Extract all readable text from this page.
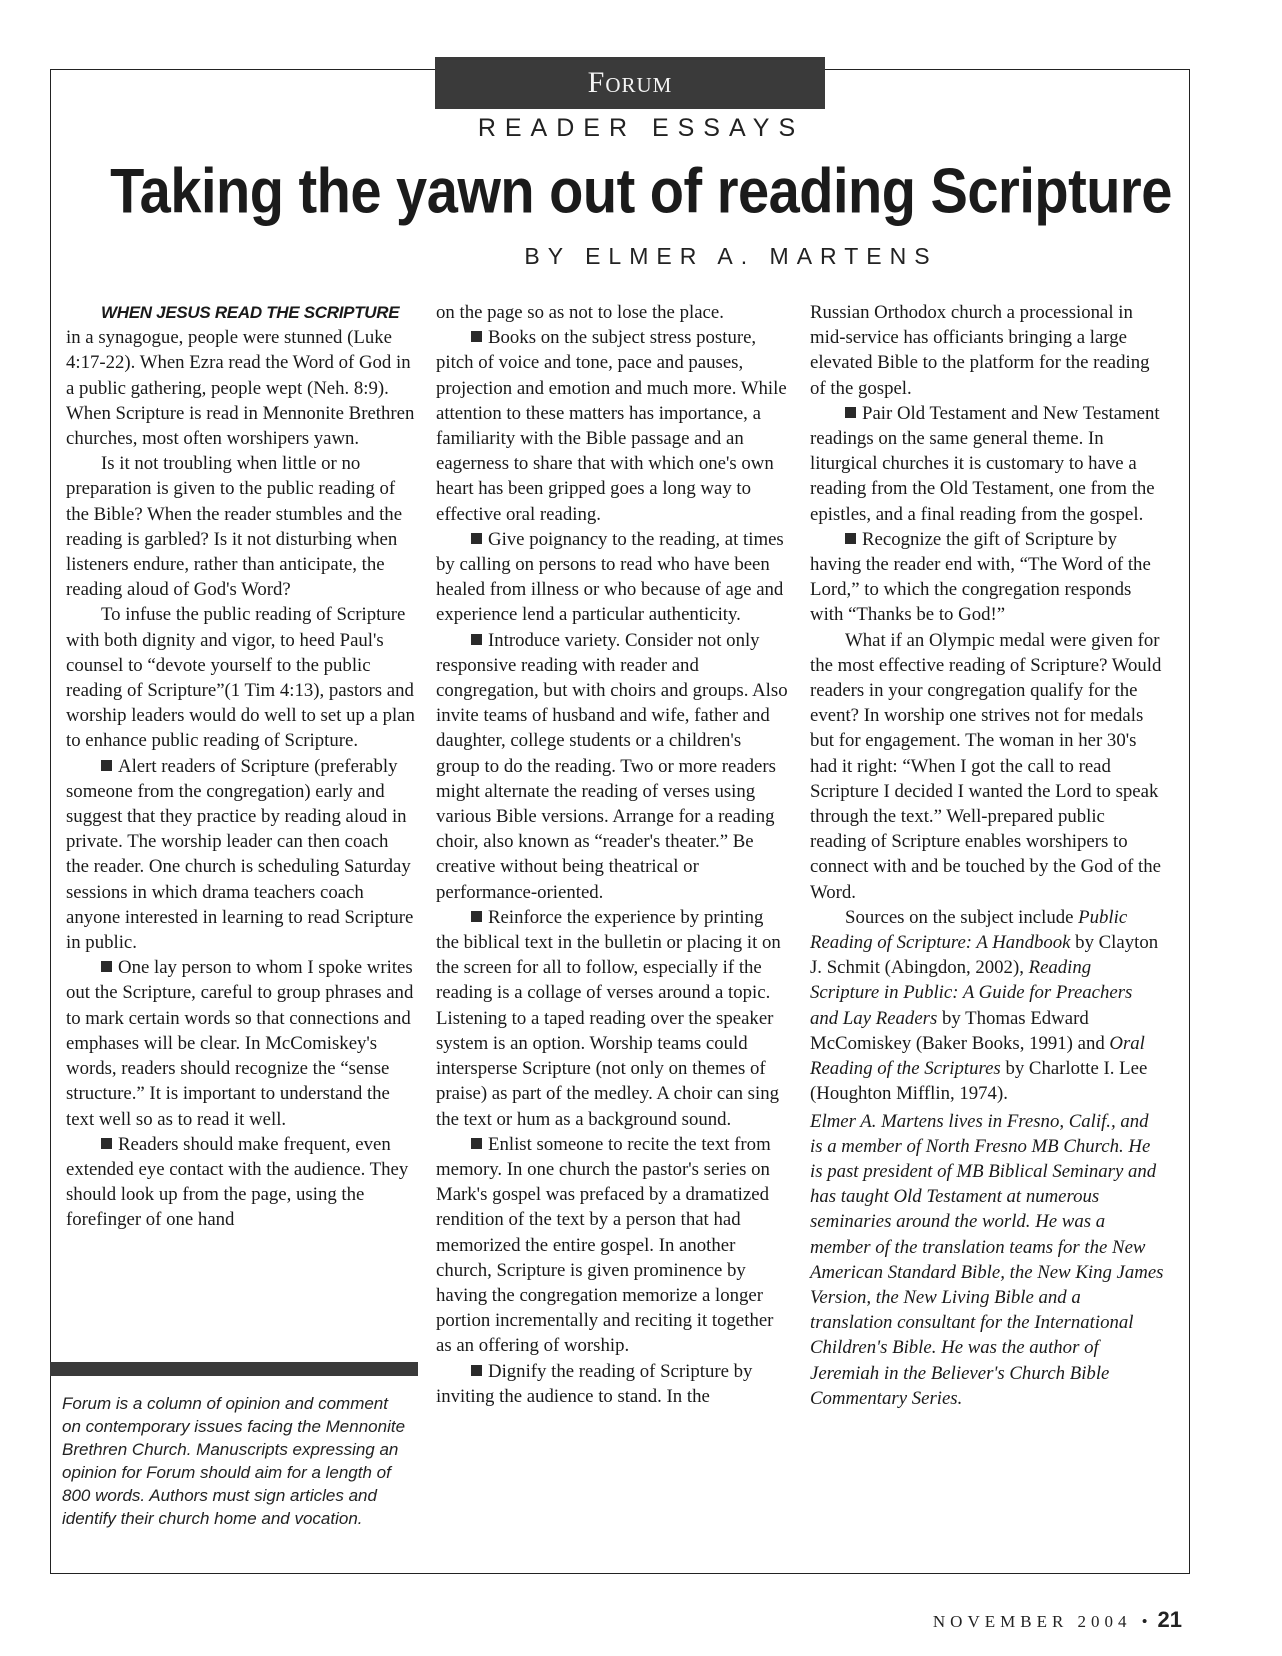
Forum
READER ESSAYS
Taking the yawn out of reading Scripture
BY ELMER A. MARTENS

WHEN JESUS READ THE SCRIPTURE

in a synagogue, people were stunned (Luke 4:17-22). When Ezra read the Word of God in a public gathering, people wept (Neh. 8:9). When Scripture is read in Mennonite Brethren churches, most often worshipers yawn.

Is it not troubling when little or no preparation is given to the public reading of the Bible? When the reader stumbles and the reading is garbled? Is it not disturbing when listeners endure, rather than anticipate, the reading aloud of God's Word?

To infuse the public reading of Scripture with both dignity and vigor, to heed Paul's counsel to “devote yourself to the public reading of Scripture”(1 Tim 4:13), pastors and worship leaders would do well to set up a plan to enhance public reading of Scripture.

Alert readers of Scripture (preferably someone from the congregation) early and suggest that they practice by reading aloud in private. The worship leader can then coach the reader. One church is scheduling Saturday sessions in which drama teachers coach anyone interested in learning to read Scripture in public.

One lay person to whom I spoke writes out the Scripture, careful to group phrases and to mark certain words so that connections and emphases will be clear. In McComiskey's words, readers should recognize the “sense structure.” It is important to understand the text well so as to read it well.

Readers should make frequent, even extended eye contact with the audience. They should look up from the page, using the forefinger of one hand

Forum is a column of opinion and comment on contemporary issues facing the Mennonite Brethren Church. Manuscripts expressing an opinion for Forum should aim for a length of 800 words. Authors must sign articles and identify their church home and vocation.

on the page so as not to lose the place.

Books on the subject stress posture, pitch of voice and tone, pace and pauses, projection and emotion and much more. While attention to these matters has importance, a familiarity with the Bible passage and an eagerness to share that with which one's own heart has been gripped goes a long way to effective oral reading.

Give poignancy to the reading, at times by calling on persons to read who have been healed from illness or who because of age and experience lend a particular authenticity.

Introduce variety. Consider not only responsive reading with reader and congregation, but with choirs and groups. Also invite teams of husband and wife, father and daughter, college students or a children's group to do the reading. Two or more readers might alternate the reading of verses using various Bible versions. Arrange for a reading choir, also known as “reader's theater.” Be creative without being theatrical or performance-oriented.

Reinforce the experience by printing the biblical text in the bulletin or placing it on the screen for all to follow, especially if the reading is a collage of verses around a topic. Listening to a taped reading over the speaker system is an option. Worship teams could intersperse Scripture (not only on themes of praise) as part of the medley. A choir can sing the text or hum as a background sound.

Enlist someone to recite the text from memory. In one church the pastor's series on Mark's gospel was prefaced by a dramatized rendition of the text by a person that had memorized the entire gospel. In another church, Scripture is given prominence by having the congregation memorize a longer portion incrementally and reciting it together as an offering of worship.

Dignify the reading of Scripture by inviting the audience to stand. In the

Russian Orthodox church a processional in mid-service has officiants bringing a large elevated Bible to the platform for the reading of the gospel.

Pair Old Testament and New Testament readings on the same general theme. In liturgical churches it is customary to have a reading from the Old Testament, one from the epistles, and a final reading from the gospel.

Recognize the gift of Scripture by having the reader end with, “The Word of the Lord,” to which the congregation responds with “Thanks be to God!”

What if an Olympic medal were given for the most effective reading of Scripture? Would readers in your congregation qualify for the event? In worship one strives not for medals but for engagement. The woman in her 30's had it right: “When I got the call to read Scripture I decided I wanted the Lord to speak through the text.” Well-prepared public reading of Scripture enables worshipers to connect with and be touched by the God of the Word.

Sources on the subject include Public Reading of Scripture: A Handbook by Clayton J. Schmit (Abingdon, 2002), Reading Scripture in Public: A Guide for Preachers and Lay Readers by Thomas Edward McComiskey (Baker Books, 1991) and Oral Reading of the Scriptures by Charlotte I. Lee (Houghton Mifflin, 1974).

Elmer A. Martens lives in Fresno, Calif., and is a member of North Fresno MB Church. He is past president of MB Biblical Seminary and has taught Old Testament at numerous seminaries around the world. He was a member of the translation teams for the New American Standard Bible, the New King James Version, the New Living Bible and a translation consultant for the International Children's Bible. He was the author of Jeremiah in the Believer's Church Bible Commentary Series.

NOVEMBER 2004 • 21
